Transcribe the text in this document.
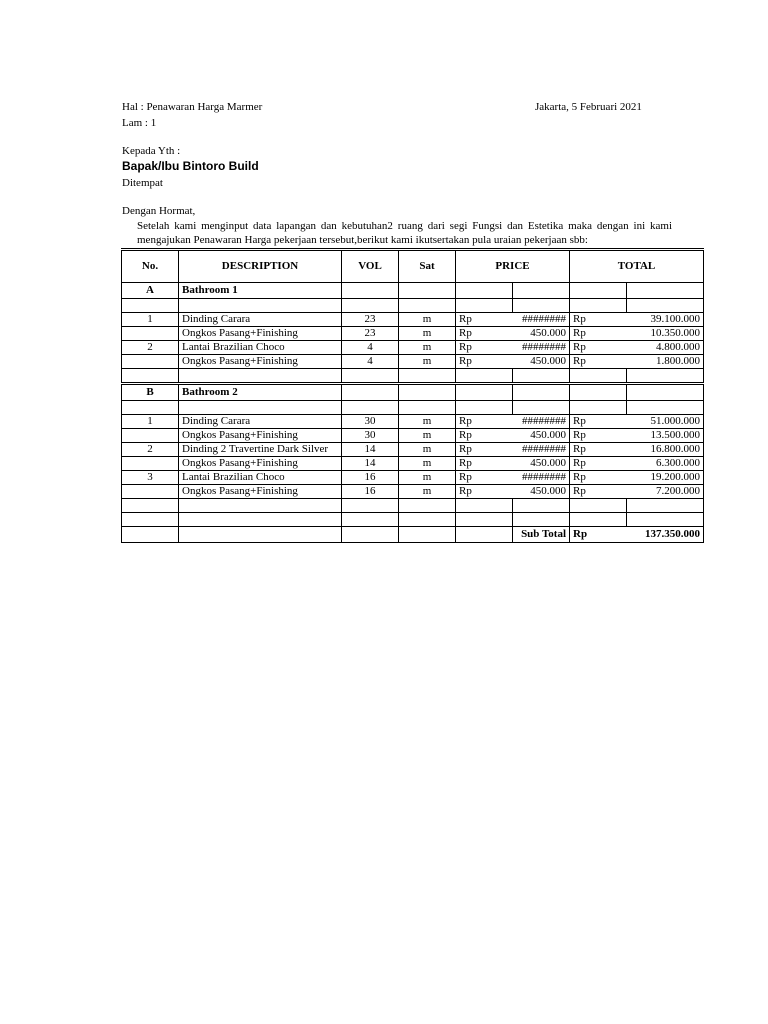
Hal : Penawaran Harga Marmer
Lam : 1
Jakarta, 5 Februari 2021
Kepada Yth :
Bapak/Ibu Bintoro Build
Ditempat
Dengan Hormat,
Setelah kami menginput data lapangan dan kebutuhan2 ruang dari segi Fungsi dan Estetika maka dengan ini kami
mengajukan Penawaran Harga pekerjaan tersebut,berikut kami ikutsertakan pula uraian pekerjaan sbb:
No.	DESCRIPTION	VOL	Sat	PRICE		TOTAL	
A	Bathroom 1						

1	Dinding Carara	23	m	Rp	########	Rp	39.100.000
	Ongkos Pasang+Finishing	23	m	Rp	450.000	Rp	10.350.000
2	Lantai Brazilian Choco	4	m	Rp	########	Rp	4.800.000
	Ongkos Pasang+Finishing	4	m	Rp	450.000	Rp	1.800.000

B	Bathroom 2						

1	Dinding Carara	30	m	Rp	########	Rp	51.000.000
	Ongkos Pasang+Finishing	30	m	Rp	450.000	Rp	13.500.000
2	Dinding 2 Travertine Dark Silver	14	m	Rp	########	Rp	16.800.000
	Ongkos Pasang+Finishing	14	m	Rp	450.000	Rp	6.300.000
3	Lantai Brazilian Choco	16	m	Rp	########	Rp	19.200.000
	Ongkos Pasang+Finishing	16	m	Rp	450.000	Rp	7.200.000

					Sub Total	Rp	137.350.000
